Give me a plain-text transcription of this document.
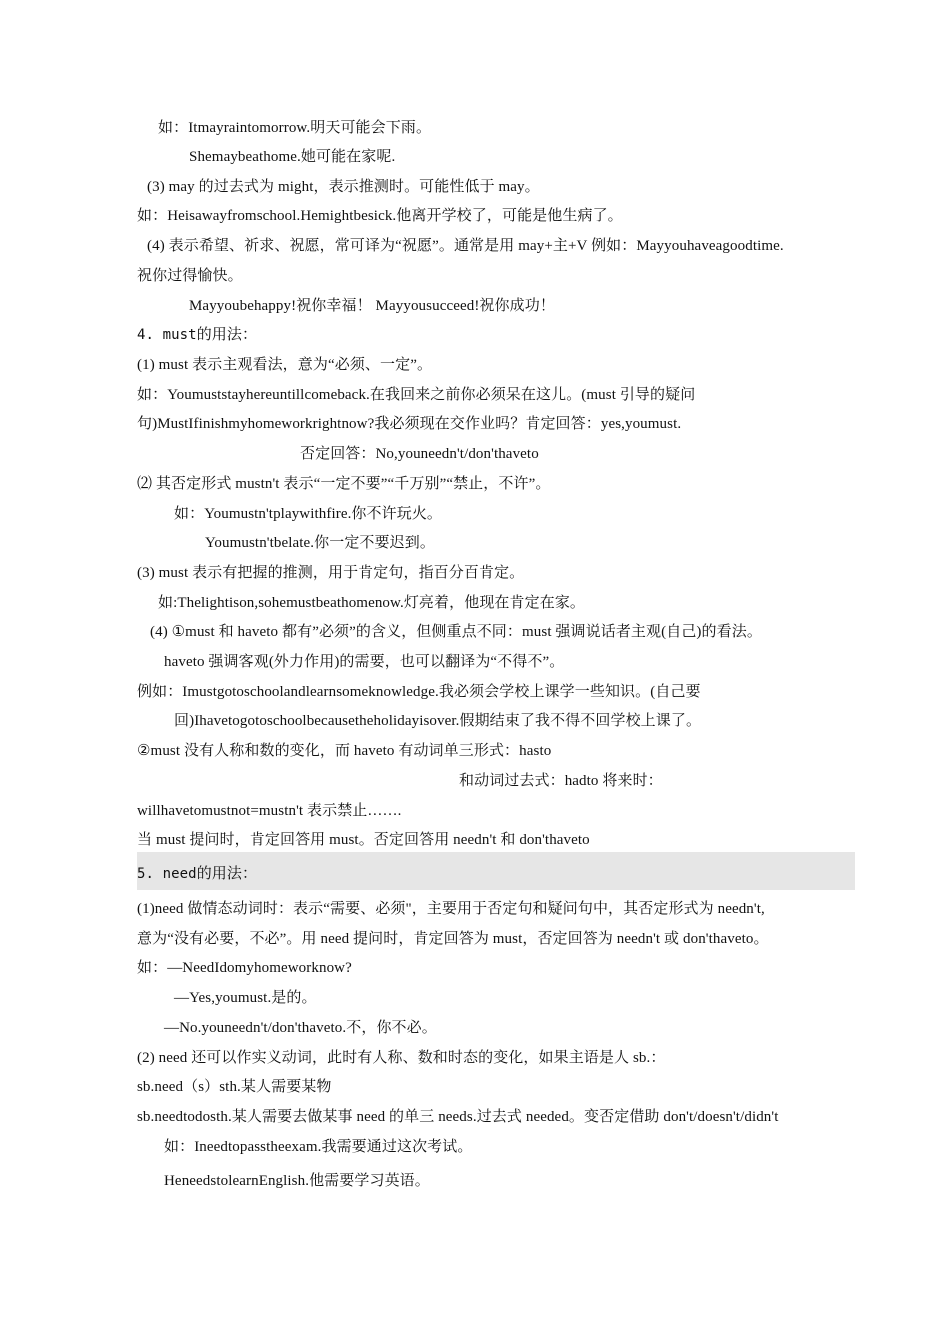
如：Itmayraintomorrow.明天可能会下雨。
Shemaybeathome.她可能在家呢.
(3) may 的过去式为 might，表示推测时。可能性低于 may。
如：Heisawayfromschool.Hemightbesick.他离开学校了，可能是他生病了。
(4) 表示希望、祈求、祝愿，常可译为“祝愿”。通常是用 may+主+V 例如：Mayyouhaveagoodtime.
祝你过得愉快。
Mayyoubehappy!祝你幸福！ Mayyousucceed!祝你成功！
4. must的用法：
(1) must 表示主观看法，意为“必须、一定”。
如：Youmuststayhereuntillcomeback.在我回来之前你必须呆在这儿。(must 引导的疑问
句)MustIfinishmyhomeworkrightnow?我必须现在交作业吗？肯定回答：yes,youmust.
否定回答：No,youneedn't/don'thaveto
⑵ 其否定形式 mustn't 表示“一定不要”“千万别”“禁止，不许”。
如：Youmustn'tplaywithfire.你不许玩火。
Youmustn'tbelate.你一定不要迟到。
(3) must 表示有把握的推测，用于肯定句，指百分百肯定。
如:Thelightison,sohemustbeathomenow.灯亮着，他现在肯定在家。
(4) ①must 和 haveto 都有”必须”的含义，但侧重点不同：must 强调说话者主观(自己)的看法。
haveto 强调客观(外力作用)的需要，也可以翻译为“不得不”。
例如：Imustgotoschoolandlearnsomeknowledge.我必须会学校上课学一些知识。(自己要
回)Ihavetogotoschoolbecausetheholidayisover.假期结束了我不得不回学校上课了。
②must 没有人称和数的变化，而 haveto 有动词单三形式：hasto
和动词过去式：hadto 将来时：
willhavetomustnot=mustn't 表示禁止…….
当 must 提问时，肯定回答用 must。否定回答用 needn't 和 don'thaveto
5. need的用法：
(1)need 做情态动词时：表示“需要、必须"，主要用于否定句和疑问句中，其否定形式为 needn't,
意为“没有必要，不必”。用 need 提问时，肯定回答为 must，否定回答为 needn't 或 don'thaveto。
如：—NeedIdomyhomeworknow?
—Yes,youmust.是的。
—No.youneedn't/don'thaveto.不，你不必。
(2) need 还可以作实义动词，此时有人称、数和时态的变化，如果主语是人 sb.：
sb.need（s）sth.某人需要某物
sb.needtodosth.某人需要去做某事 need 的单三 needs.过去式 needed。变否定借助 don't/doesn't/didn't
如：Ineedtopasstheexam.我需要通过这次考试。
HeneedstolearnEnglish.他需要学习英语。
